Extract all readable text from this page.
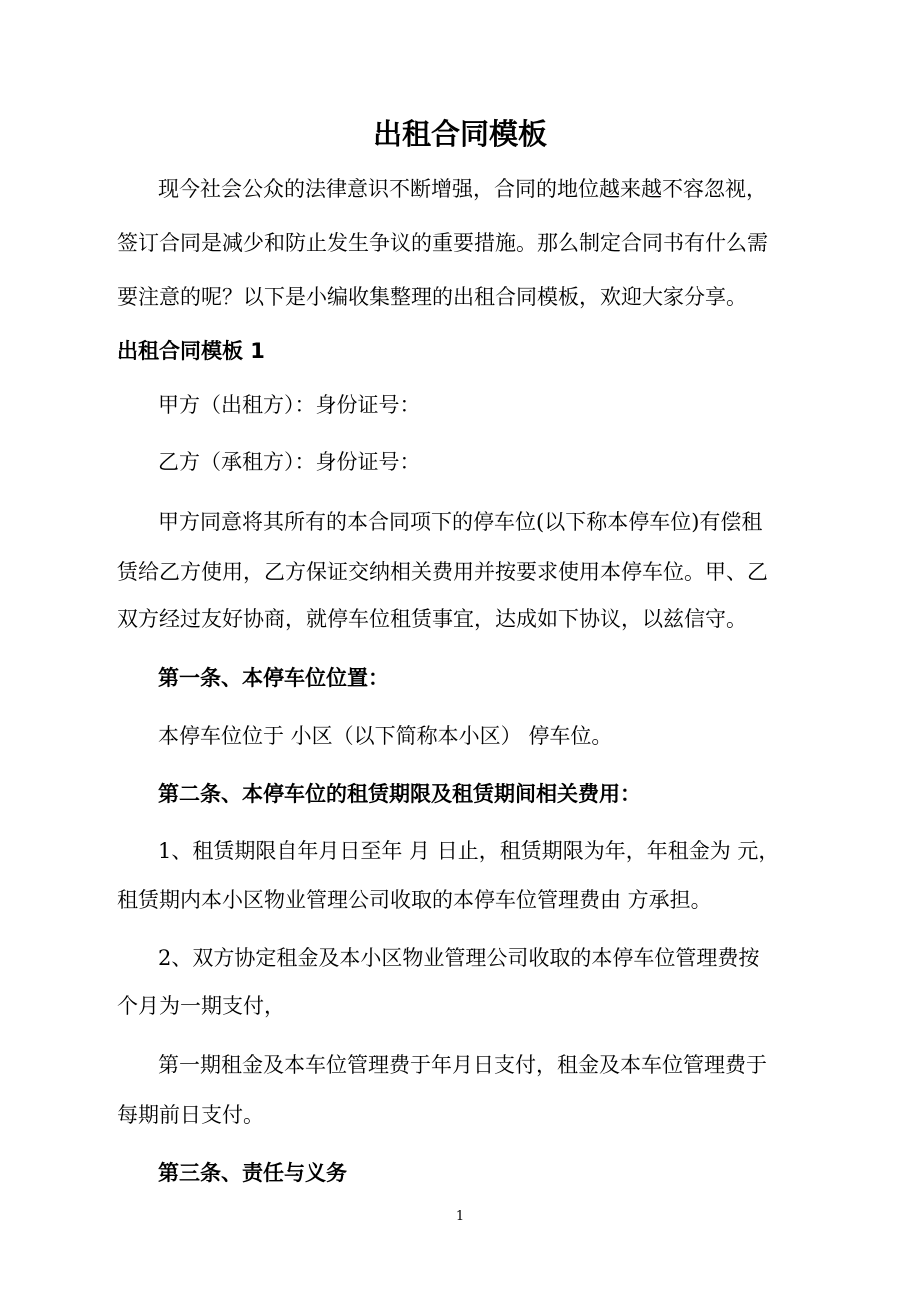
出租合同模板
现今社会公众的法律意识不断增强，合同的地位越来越不容忽视，
签订合同是减少和防止发生争议的重要措施。那么制定合同书有什么需
要注意的呢？以下是小编收集整理的出租合同模板，欢迎大家分享。
出租合同模板 1
甲方（出租方）：身份证号：
乙方（承租方）：身份证号：
甲方同意将其所有的本合同项下的停车位(以下称本停车位)有偿租
赁给乙方使用，乙方保证交纳相关费用并按要求使用本停车位。甲、乙
双方经过友好协商，就停车位租赁事宜，达成如下协议，以兹信守。
第一条、本停车位位置：
本停车位位于 小区（以下简称本小区） 停车位。
第二条、本停车位的租赁期限及租赁期间相关费用：
1、租赁期限自年月日至年 月 日止，租赁期限为年，年租金为 元，
租赁期内本小区物业管理公司收取的本停车位管理费由 方承担。
2、双方协定租金及本小区物业管理公司收取的本停车位管理费按
个月为一期支付，
第一期租金及本车位管理费于年月日支付，租金及本车位管理费于
每期前日支付。
第三条、责任与义务
1
